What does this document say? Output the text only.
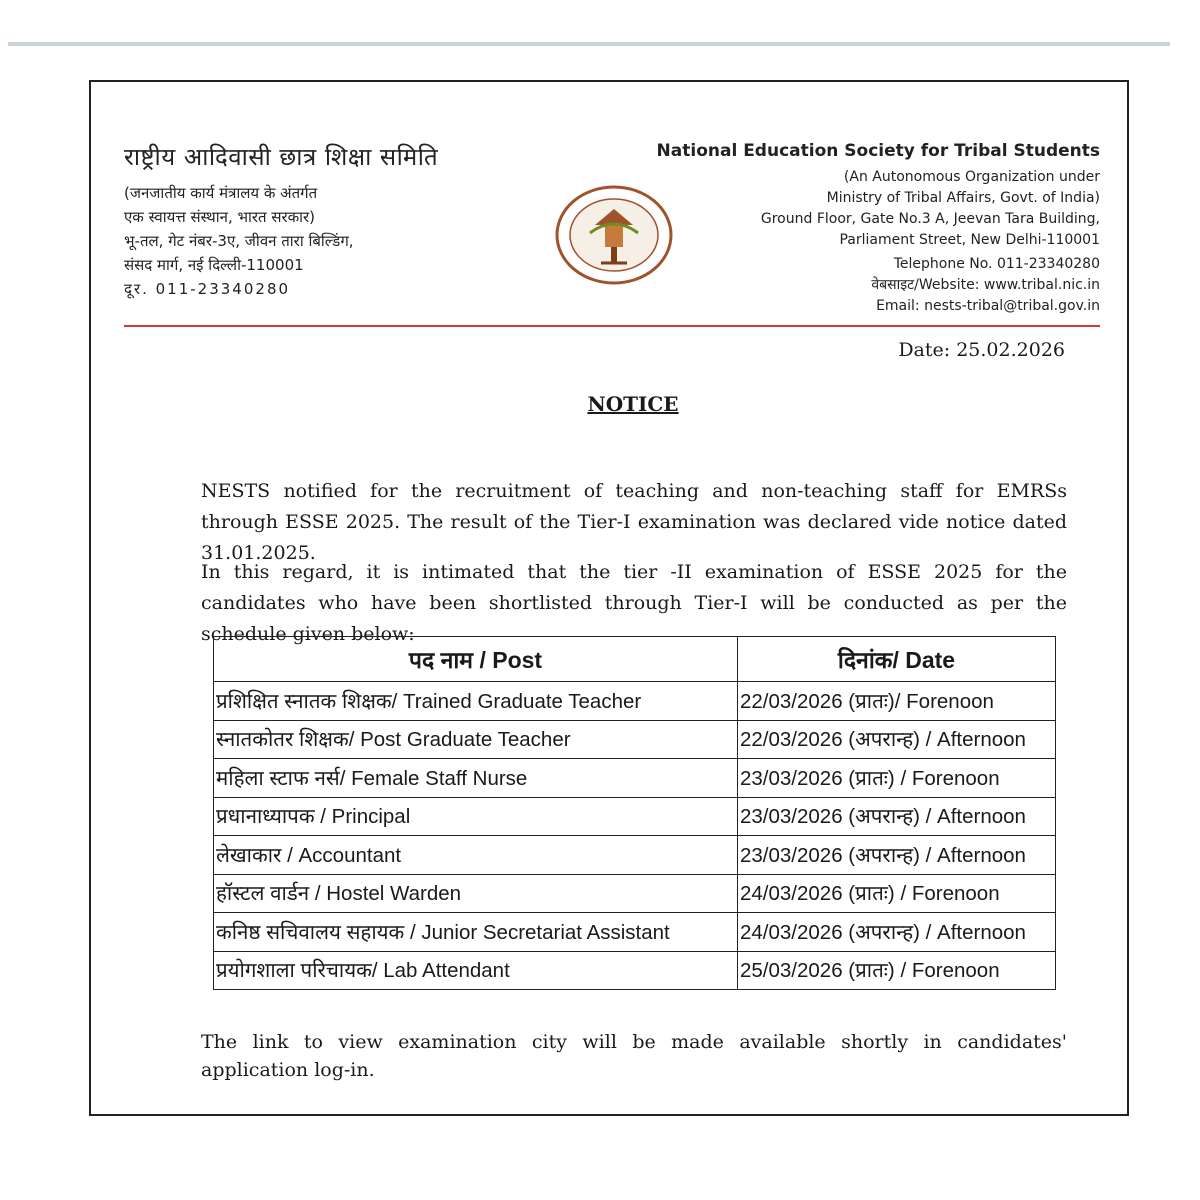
राष्ट्रीय आदिवासी छात्र शिक्षा समिति
(जनजातीय कार्य मंत्रालय के अंतर्गत
एक स्वायत्त संस्थान, भारत सरकार)
भू-तल, गेट नंबर-3ए, जीवन तारा बिल्डिंग,
संसद मार्ग, नई दिल्ली-110001
दूर. 011-23340280
National Education Society for Tribal Students
(An Autonomous Organization under
Ministry of Tribal Affairs, Govt. of India)
Ground Floor, Gate No.3 A, Jeevan Tara Building,
Parliament Street, New Delhi-110001
Telephone No. 011-23340280
वेबसाइट/Website: www.tribal.nic.in
Email: nests-tribal@tribal.gov.in
Date: 25.02.2026
NOTICE
NESTS notified for the recruitment of teaching and non-teaching staff for EMRSs through ESSE 2025. The result of the Tier-I examination was declared vide notice dated 31.01.2025.
In this regard, it is intimated that the tier -II examination of ESSE 2025 for the candidates who have been shortlisted through Tier-I will be conducted as per the schedule given below:
पद नाम / Post	दिनांक/ Date
प्रशिक्षित स्नातक शिक्षक/ Trained Graduate Teacher	22/03/2026 (प्रातः)/ Forenoon
स्नातकोतर शिक्षक/ Post Graduate Teacher	22/03/2026 (अपरान्ह) / Afternoon
महिला स्टाफ नर्स/ Female Staff Nurse	23/03/2026 (प्रातः) / Forenoon
प्रधानाध्यापक / Principal	23/03/2026 (अपरान्ह) / Afternoon
लेखाकार / Accountant	23/03/2026 (अपरान्ह) / Afternoon
हॉस्टल वार्डन / Hostel Warden	24/03/2026 (प्रातः) / Forenoon
कनिष्ठ सचिवालय सहायक / Junior Secretariat Assistant	24/03/2026 (अपरान्ह) / Afternoon
प्रयोगशाला परिचायक/ Lab Attendant	25/03/2026 (प्रातः) / Forenoon
The link to view examination city will be made available shortly in candidates' application log-in.
